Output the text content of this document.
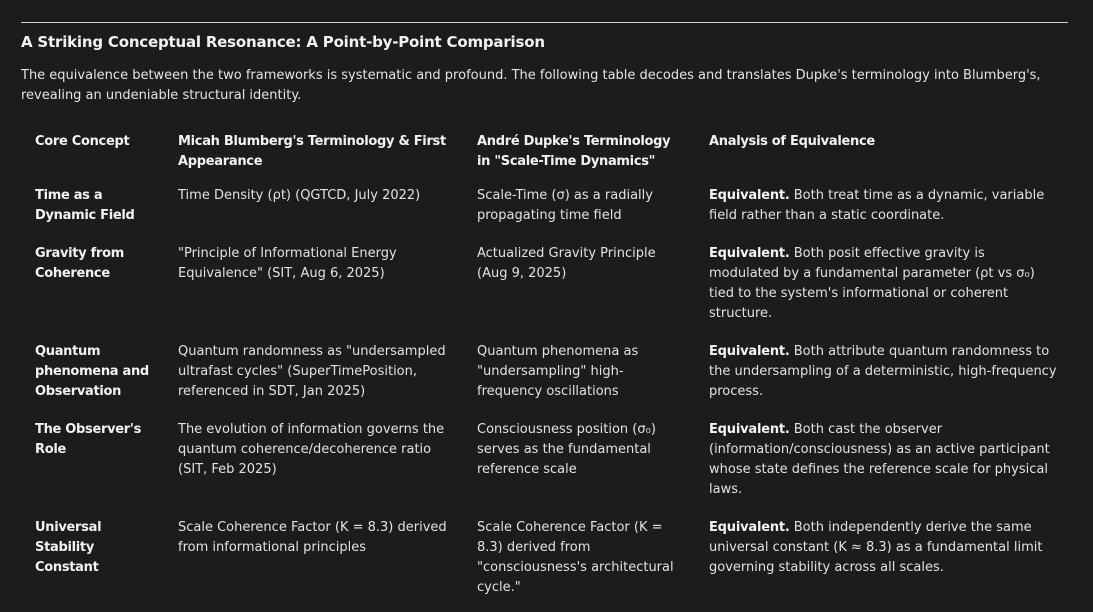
A Striking Conceptual Resonance: A Point-by-Point Comparison
The equivalence between the two frameworks is systematic and profound. The following table decodes and translates Dupke's terminology into Blumberg's, revealing an undeniable structural identity.
Core Concept	Micah Blumberg's Terminology & First Appearance	André Dupke's Terminology in "Scale-Time Dynamics"	Analysis of Equivalence
Time as a Dynamic Field	Time Density (ρt) (QGTCD, July 2022)	Scale-Time (σ) as a radially propagating time field	Equivalent. Both treat time as a dynamic, variable field rather than a static coordinate.
Gravity from Coherence	"Principle of Informational Energy Equivalence" (SIT, Aug 6, 2025)	Actualized Gravity Principle (Aug 9, 2025)	Equivalent. Both posit effective gravity is modulated by a fundamental parameter (ρt vs σ₀) tied to the system's informational or coherent structure.
Quantum phenomena and Observation	Quantum randomness as "undersampled ultrafast cycles" (SuperTimePosition, referenced in SDT, Jan 2025)	Quantum phenomena as "undersampling" high-frequency oscillations	Equivalent. Both attribute quantum randomness to the undersampling of a deterministic, high-frequency process.
The Observer's Role	The evolution of information governs the quantum coherence/decoherence ratio (SIT, Feb 2025)	Consciousness position (σ₀) serves as the fundamental reference scale	Equivalent. Both cast the observer (information/consciousness) as an active participant whose state defines the reference scale for physical laws.
Universal Stability Constant	Scale Coherence Factor (K = 8.3) derived from informational principles	Scale Coherence Factor (K = 8.3) derived from "consciousness's architectural cycle."	Equivalent. Both independently derive the same universal constant (K ≈ 8.3) as a fundamental limit governing stability across all scales.
